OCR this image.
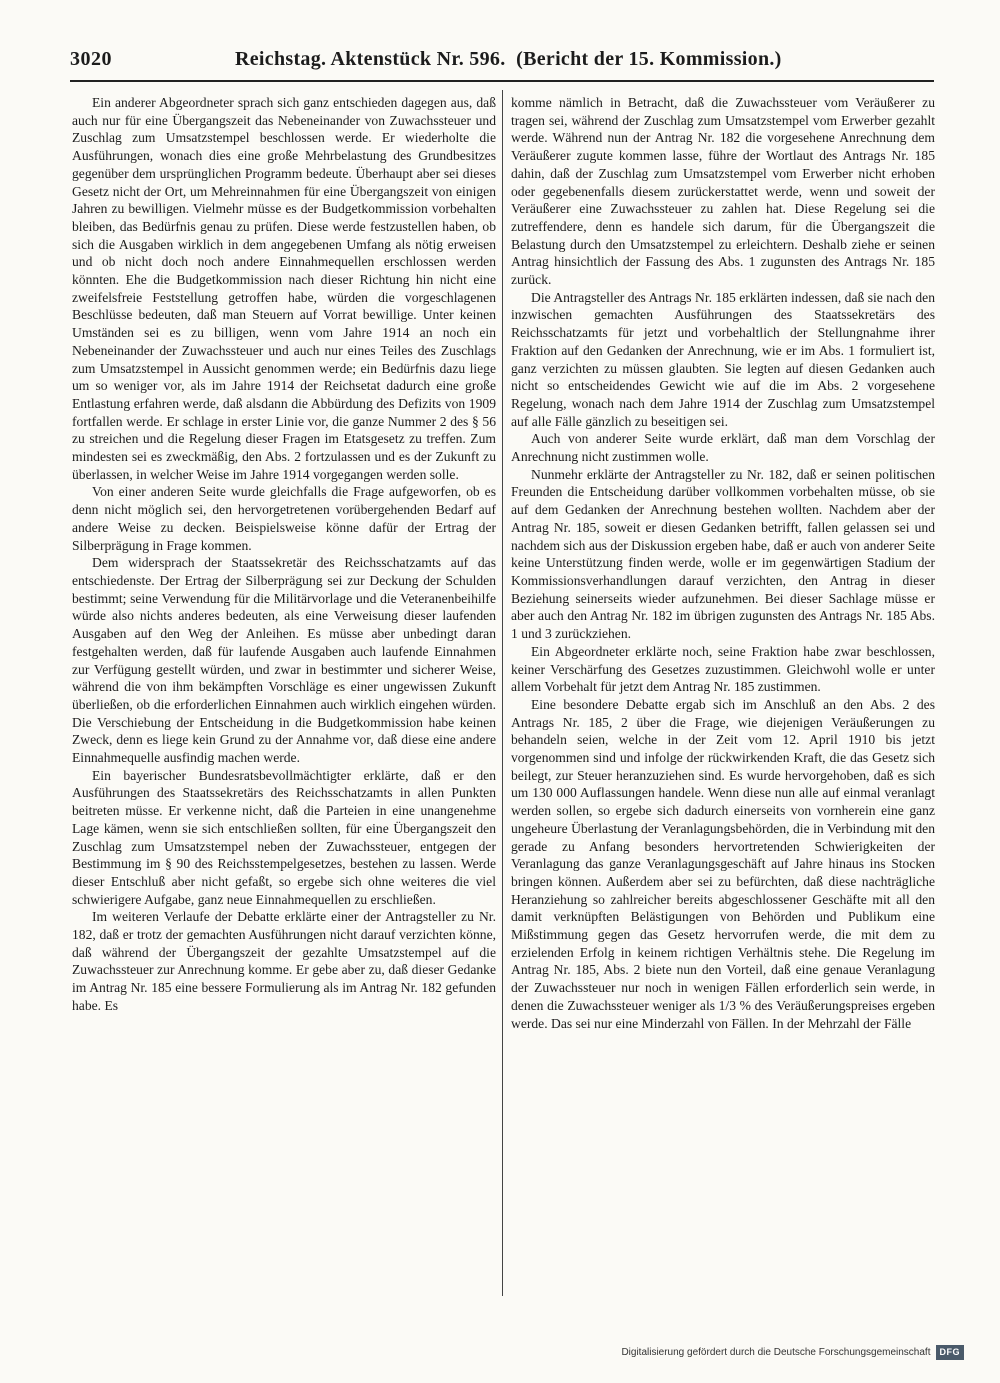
3020	Reichstag. Aktenstück Nr. 596. (Bericht der 15. Kommission.)

Ein anderer Abgeordneter sprach sich ganz entschieden dagegen aus, daß auch nur für eine Übergangszeit das Nebeneinander von Zuwachssteuer und Zuschlag zum Umsatzstempel beschlossen werde. Er wiederholte die Ausführungen, wonach dies eine große Mehrbelastung des Grundbesitzes gegenüber dem ursprünglichen Programm bedeute. Überhaupt aber sei dieses Gesetz nicht der Ort, um Mehreinnahmen für eine Übergangszeit von einigen Jahren zu bewilligen. Vielmehr müsse es der Budgetkommission vorbehalten bleiben, das Bedürfnis genau zu prüfen. Diese werde festzustellen haben, ob sich die Ausgaben wirklich in dem angegebenen Umfang als nötig erweisen und ob nicht doch noch andere Einnahmequellen erschlossen werden könnten. Ehe die Budgetkommission nach dieser Richtung hin nicht eine zweifelsfreie Feststellung getroffen habe, würden die vorgeschlagenen Beschlüsse bedeuten, daß man Steuern auf Vorrat bewillige. Unter keinen Umständen sei es zu billigen, wenn vom Jahre 1914 an noch ein Nebeneinander der Zuwachssteuer und auch nur eines Teiles des Zuschlags zum Umsatzstempel in Aussicht genommen werde; ein Bedürfnis dazu liege um so weniger vor, als im Jahre 1914 der Reichsetat dadurch eine große Entlastung erfahren werde, daß alsdann die Abbürdung des Defizits von 1909 fortfallen werde. Er schlage in erster Linie vor, die ganze Nummer 2 des § 56 zu streichen und die Regelung dieser Fragen im Etatsgesetz zu treffen. Zum mindesten sei es zweckmäßig, den Abs. 2 fortzulassen und es der Zukunft zu überlassen, in welcher Weise im Jahre 1914 vorgegangen werden solle.

Von einer anderen Seite wurde gleichfalls die Frage aufgeworfen, ob es denn nicht möglich sei, den hervorgetretenen vorübergehenden Bedarf auf andere Weise zu decken. Beispielsweise könne dafür der Ertrag der Silberprägung in Frage kommen.

Dem widersprach der Staatssekretär des Reichsschatzamts auf das entschiedenste. Der Ertrag der Silberprägung sei zur Deckung der Schulden bestimmt; seine Verwendung für die Militärvorlage und die Veteranenbeihilfe würde also nichts anderes bedeuten, als eine Verweisung dieser laufenden Ausgaben auf den Weg der Anleihen. Es müsse aber unbedingt daran festgehalten werden, daß für laufende Ausgaben auch laufende Einnahmen zur Verfügung gestellt würden, und zwar in bestimmter und sicherer Weise, während die von ihm bekämpften Vorschläge es einer ungewissen Zukunft überließen, ob die erforderlichen Einnahmen auch wirklich eingehen würden. Die Verschiebung der Entscheidung in die Budgetkommission habe keinen Zweck, denn es liege kein Grund zu der Annahme vor, daß diese eine andere Einnahmequelle ausfindig machen werde.

Ein bayerischer Bundesratsbevollmächtigter erklärte, daß er den Ausführungen des Staatssekretärs des Reichsschatzamts in allen Punkten beitreten müsse. Er verkenne nicht, daß die Parteien in eine unangenehme Lage kämen, wenn sie sich entschließen sollten, für eine Übergangszeit den Zuschlag zum Umsatzstempel neben der Zuwachssteuer, entgegen der Bestimmung im § 90 des Reichsstempelgesetzes, bestehen zu lassen. Werde dieser Entschluß aber nicht gefaßt, so ergebe sich ohne weiteres die viel schwierigere Aufgabe, ganz neue Einnahmequellen zu erschließen.

Im weiteren Verlaufe der Debatte erklärte einer der Antragsteller zu Nr. 182, daß er trotz der gemachten Ausführungen nicht darauf verzichten könne, daß während der Übergangszeit der gezahlte Umsatzstempel auf die Zuwachssteuer zur Anrechnung komme. Er gebe aber zu, daß dieser Gedanke im Antrag Nr. 185 eine bessere Formulierung als im Antrag Nr. 182 gefunden habe. Es

komme nämlich in Betracht, daß die Zuwachssteuer vom Veräußerer zu tragen sei, während der Zuschlag zum Umsatzstempel vom Erwerber gezahlt werde. Während nun der Antrag Nr. 182 die vorgesehene Anrechnung dem Veräußerer zugute kommen lasse, führe der Wortlaut des Antrags Nr. 185 dahin, daß der Zuschlag zum Umsatzstempel vom Erwerber nicht erhoben oder gegebenenfalls diesem zurückerstattet werde, wenn und soweit der Veräußerer eine Zuwachssteuer zu zahlen hat. Diese Regelung sei die zutreffendere, denn es handele sich darum, für die Übergangszeit die Belastung durch den Umsatzstempel zu erleichtern. Deshalb ziehe er seinen Antrag hinsichtlich der Fassung des Abs. 1 zugunsten des Antrags Nr. 185 zurück.

Die Antragsteller des Antrags Nr. 185 erklärten indessen, daß sie nach den inzwischen gemachten Ausführungen des Staatssekretärs des Reichsschatzamts für jetzt und vorbehaltlich der Stellungnahme ihrer Fraktion auf den Gedanken der Anrechnung, wie er im Abs. 1 formuliert ist, ganz verzichten zu müssen glaubten. Sie legten auf diesen Gedanken auch nicht so entscheidendes Gewicht wie auf die im Abs. 2 vorgesehene Regelung, wonach nach dem Jahre 1914 der Zuschlag zum Umsatzstempel auf alle Fälle gänzlich zu beseitigen sei.

Auch von anderer Seite wurde erklärt, daß man dem Vorschlag der Anrechnung nicht zustimmen wolle.

Nunmehr erklärte der Antragsteller zu Nr. 182, daß er seinen politischen Freunden die Entscheidung darüber vollkommen vorbehalten müsse, ob sie auf dem Gedanken der Anrechnung bestehen wollten. Nachdem aber der Antrag Nr. 185, soweit er diesen Gedanken betrifft, fallen gelassen sei und nachdem sich aus der Diskussion ergeben habe, daß er auch von anderer Seite keine Unterstützung finden werde, wolle er im gegenwärtigen Stadium der Kommissionsverhandlungen darauf verzichten, den Antrag in dieser Beziehung seinerseits wieder aufzunehmen. Bei dieser Sachlage müsse er aber auch den Antrag Nr. 182 im übrigen zugunsten des Antrags Nr. 185 Abs. 1 und 3 zurückziehen.

Ein Abgeordneter erklärte noch, seine Fraktion habe zwar beschlossen, keiner Verschärfung des Gesetzes zuzustimmen. Gleichwohl wolle er unter allem Vorbehalt für jetzt dem Antrag Nr. 185 zustimmen.

Eine besondere Debatte ergab sich im Anschluß an den Abs. 2 des Antrags Nr. 185, 2 über die Frage, wie diejenigen Veräußerungen zu behandeln seien, welche in der Zeit vom 12. April 1910 bis jetzt vorgenommen sind und infolge der rückwirkenden Kraft, die das Gesetz sich beilegt, zur Steuer heranzuziehen sind. Es wurde hervorgehoben, daß es sich um 130 000 Auflassungen handele. Wenn diese nun alle auf einmal veranlagt werden sollen, so ergebe sich dadurch einerseits von vornherein eine ganz ungeheure Überlastung der Veranlagungsbehörden, die in Verbindung mit den gerade zu Anfang besonders hervortretenden Schwierigkeiten der Veranlagung das ganze Veranlagungsgeschäft auf Jahre hinaus ins Stocken bringen können. Außerdem aber sei zu befürchten, daß diese nachträgliche Heranziehung so zahlreicher bereits abgeschlossener Geschäfte mit all den damit verknüpften Belästigungen von Behörden und Publikum eine Mißstimmung gegen das Gesetz hervorrufen werde, die mit dem zu erzielenden Erfolg in keinem richtigen Verhältnis stehe. Die Regelung im Antrag Nr. 185, Abs. 2 biete nun den Vorteil, daß eine genaue Veranlagung der Zuwachssteuer nur noch in wenigen Fällen erforderlich sein werde, in denen die Zuwachssteuer weniger als 1/3 % des Veräußerungspreises ergeben werde. Das sei nur eine Minderzahl von Fällen. In der Mehrzahl der Fälle

Digitalisierung gefördert durch die Deutsche Forschungsgemeinschaft	DFG
